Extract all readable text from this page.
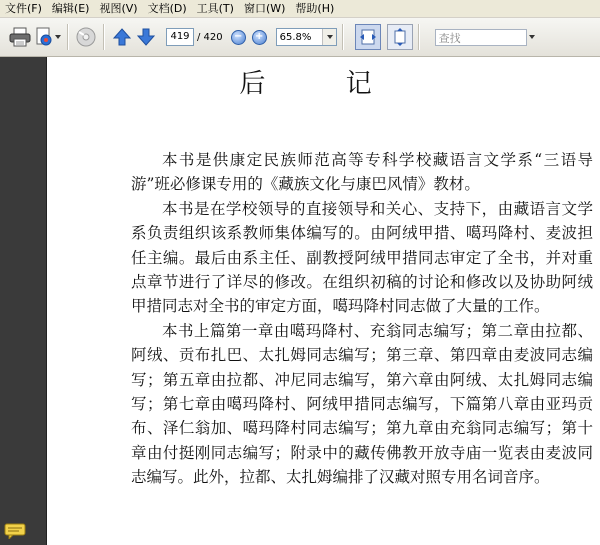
文件(F) 编辑(E) 视图(V) 文档(D) 工具(T) 窗口(W) 帮助(H)
419 / 420 − +	65.8%	查找
后 记

本书是供康定民族师范高等专科学校藏语言文学系“三语导游”班必修课专用的《藏族文化与康巴风情》教材。

本书是在学校领导的直接领导和关心、支持下，由藏语言文学系负责组织该系教师集体编写的。由阿绒甲措、噶玛降村、麦波担任主编。最后由系主任、副教授阿绒甲措同志审定了全书，并对重点章节进行了详尽的修改。在组织初稿的讨论和修改以及协助阿绒甲措同志对全书的审定方面，噶玛降村同志做了大量的工作。

本书上篇第一章由噶玛降村、充翁同志编写；第二章由拉都、阿绒、贡布扎巴、太扎姆同志编写；第三章、第四章由麦波同志编写；第五章由拉都、冲尼同志编写，第六章由阿绒、太扎姆同志编写；第七章由噶玛降村、阿绒甲措同志编写，下篇第八章由亚玛贡布、泽仁翁加、噶玛降村同志编写；第九章由充翁同志编写；第十章由付挺刚同志编写；附录中的藏传佛教开放寺庙一览表由麦波同志编写。此外，拉都、太扎姆编排了汉藏对照专用名词音序。
